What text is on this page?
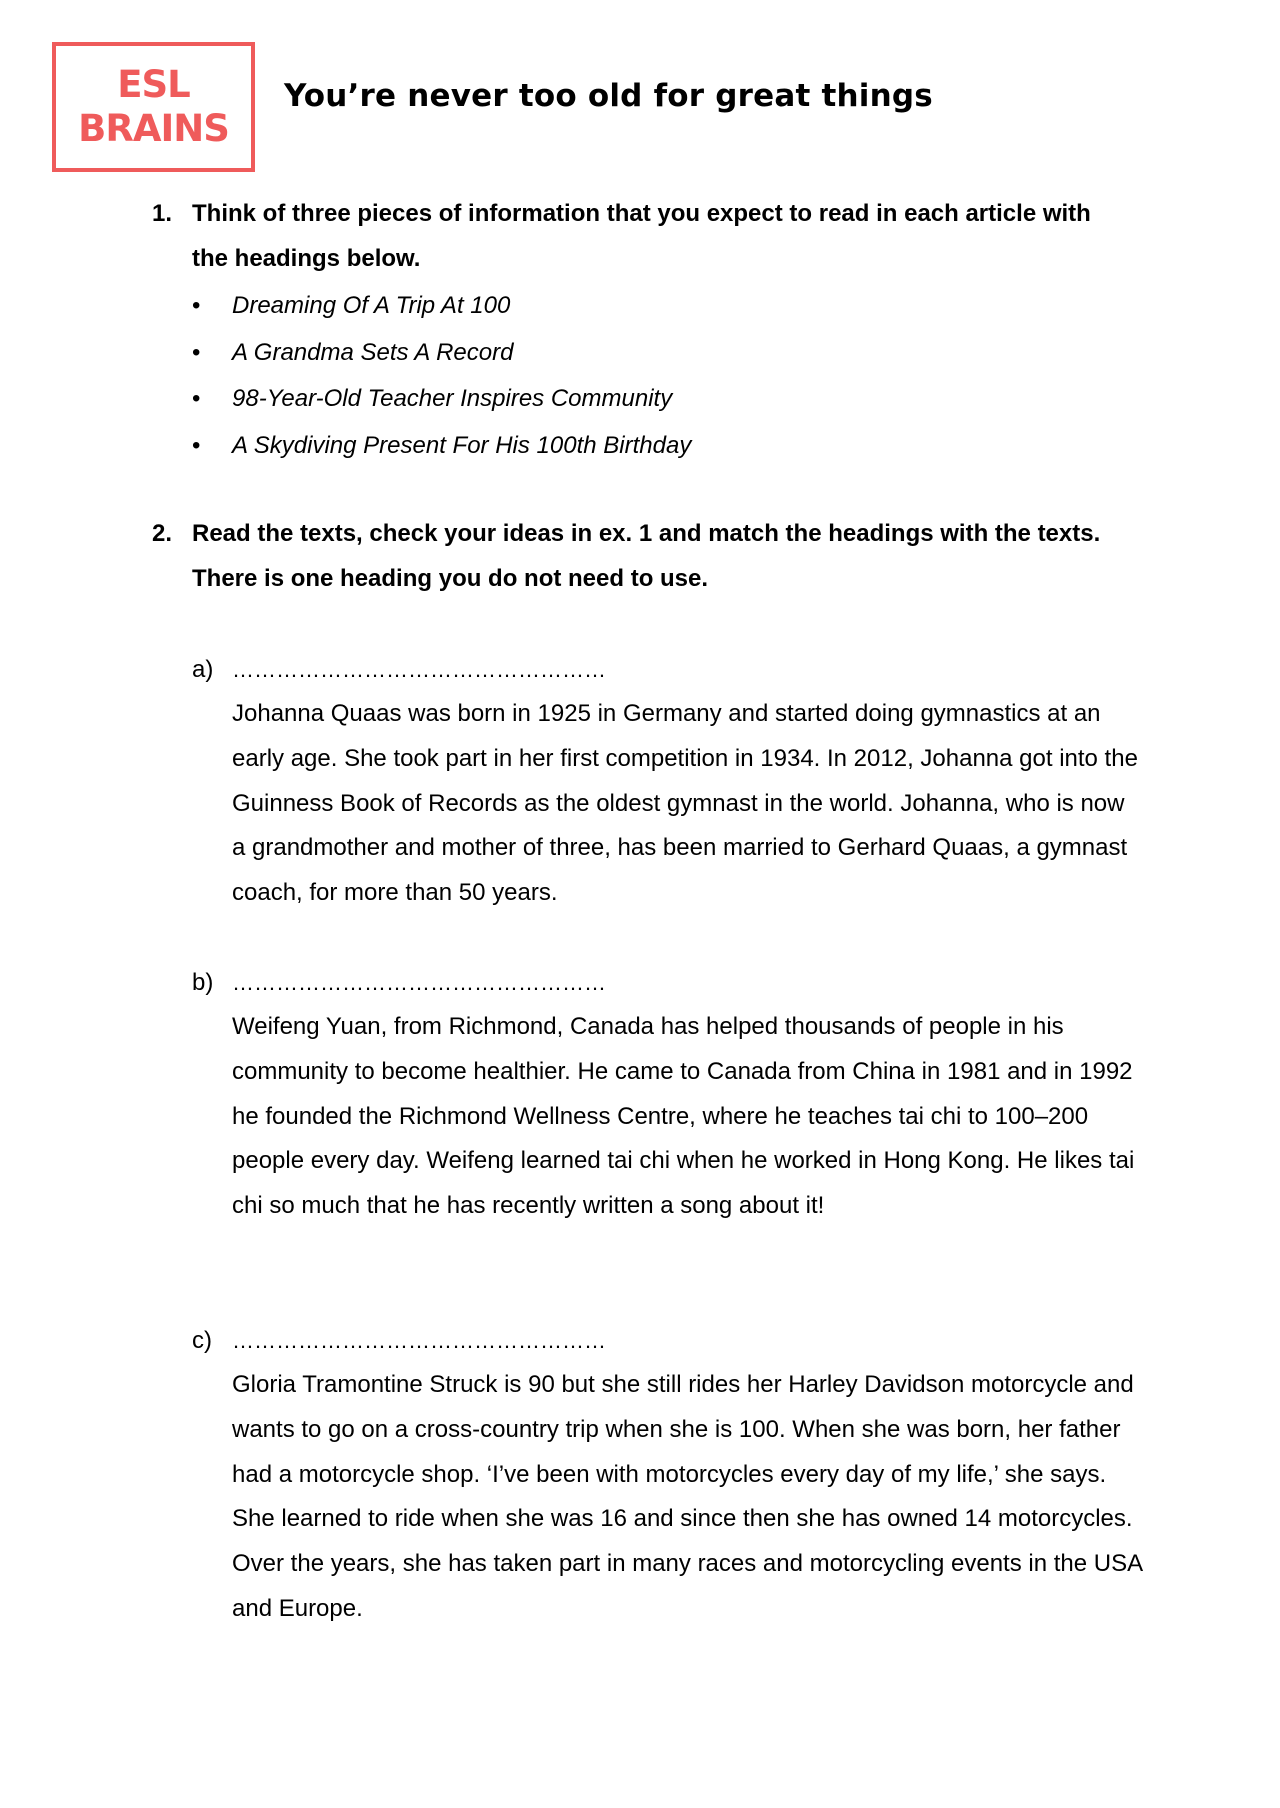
ESL
BRAINS
You’re never too old for great things
1. Think of three pieces of information that you expect to read in each article with the headings below.
•	Dreaming Of A Trip At 100
•	A Grandma Sets A Record
•	98-Year-Old Teacher Inspires Community
•	A Skydiving Present For His 100th Birthday
2. Read the texts, check your ideas in ex. 1 and match the headings with the texts. There is one heading you do not need to use.
a) ……………………………………………
Johanna Quaas was born in 1925 in Germany and started doing gymnastics at an early age. She took part in her first competition in 1934. In 2012, Johanna got into the Guinness Book of Records as the oldest gymnast in the world. Johanna, who is now a grandmother and mother of three, has been married to Gerhard Quaas, a gymnast coach, for more than 50 years.
b) ……………………………………………
Weifeng Yuan, from Richmond, Canada has helped thousands of people in his community to become healthier. He came to Canada from China in 1981 and in 1992 he founded the Richmond Wellness Centre, where he teaches tai chi to 100–200 people every day. Weifeng learned tai chi when he worked in Hong Kong. He likes tai chi so much that he has recently written a song about it!
c) ……………………………………………
Gloria Tramontine Struck is 90 but she still rides her Harley Davidson motorcycle and wants to go on a cross-country trip when she is 100. When she was born, her father had a motorcycle shop. ‘I’ve been with motorcycles every day of my life,’ she says. She learned to ride when she was 16 and since then she has owned 14 motorcycles. Over the years, she has taken part in many races and motorcycling events in the USA and Europe.
